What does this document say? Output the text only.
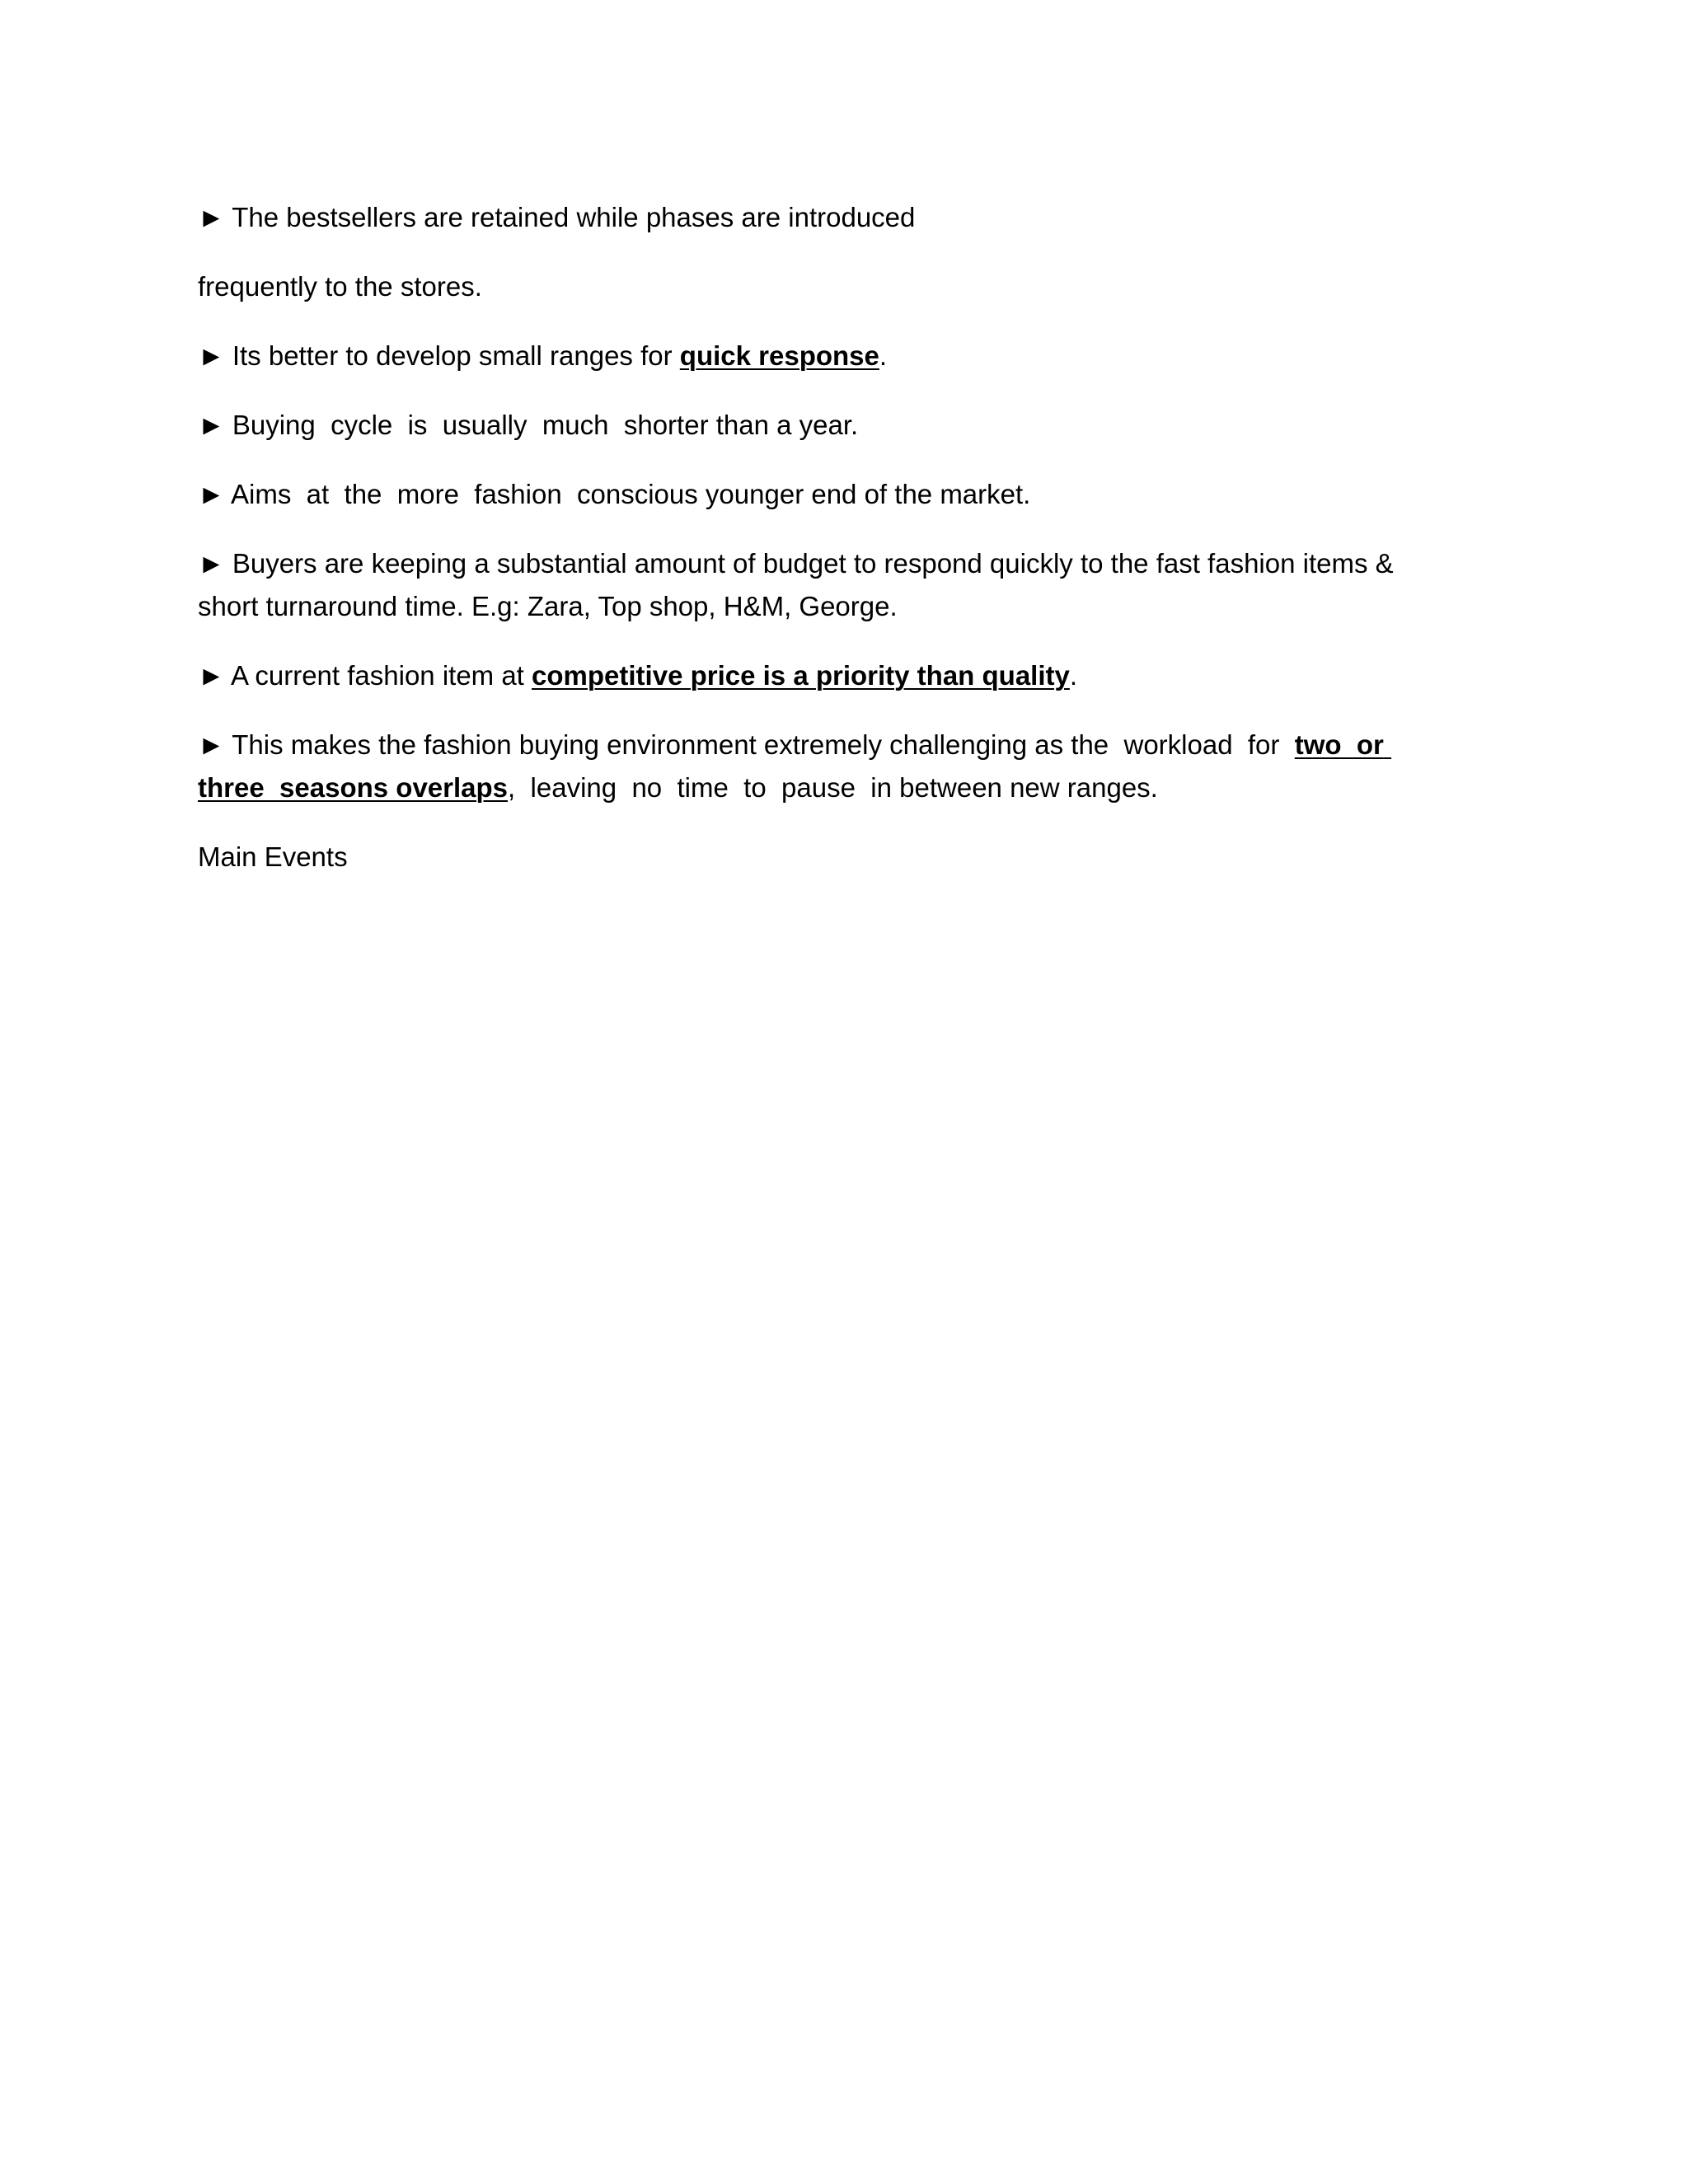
► The bestsellers are retained while phases are introduced

frequently to the stores.

► Its better to develop small ranges for quick response.

► Buying  cycle  is  usually  much  shorter than a year.

► Aims  at  the  more  fashion  conscious younger end of the market.

► Buyers are keeping a substantial amount of budget to respond quickly to the fast fashion items & short turnaround time. E.g: Zara, Top shop, H&M, George.

► A current fashion item at competitive price is a priority than quality.

► This makes the fashion buying environment extremely challenging as the  workload  for  two  or three  seasons overlaps,  leaving  no  time  to  pause  in between new ranges.

Main Events
